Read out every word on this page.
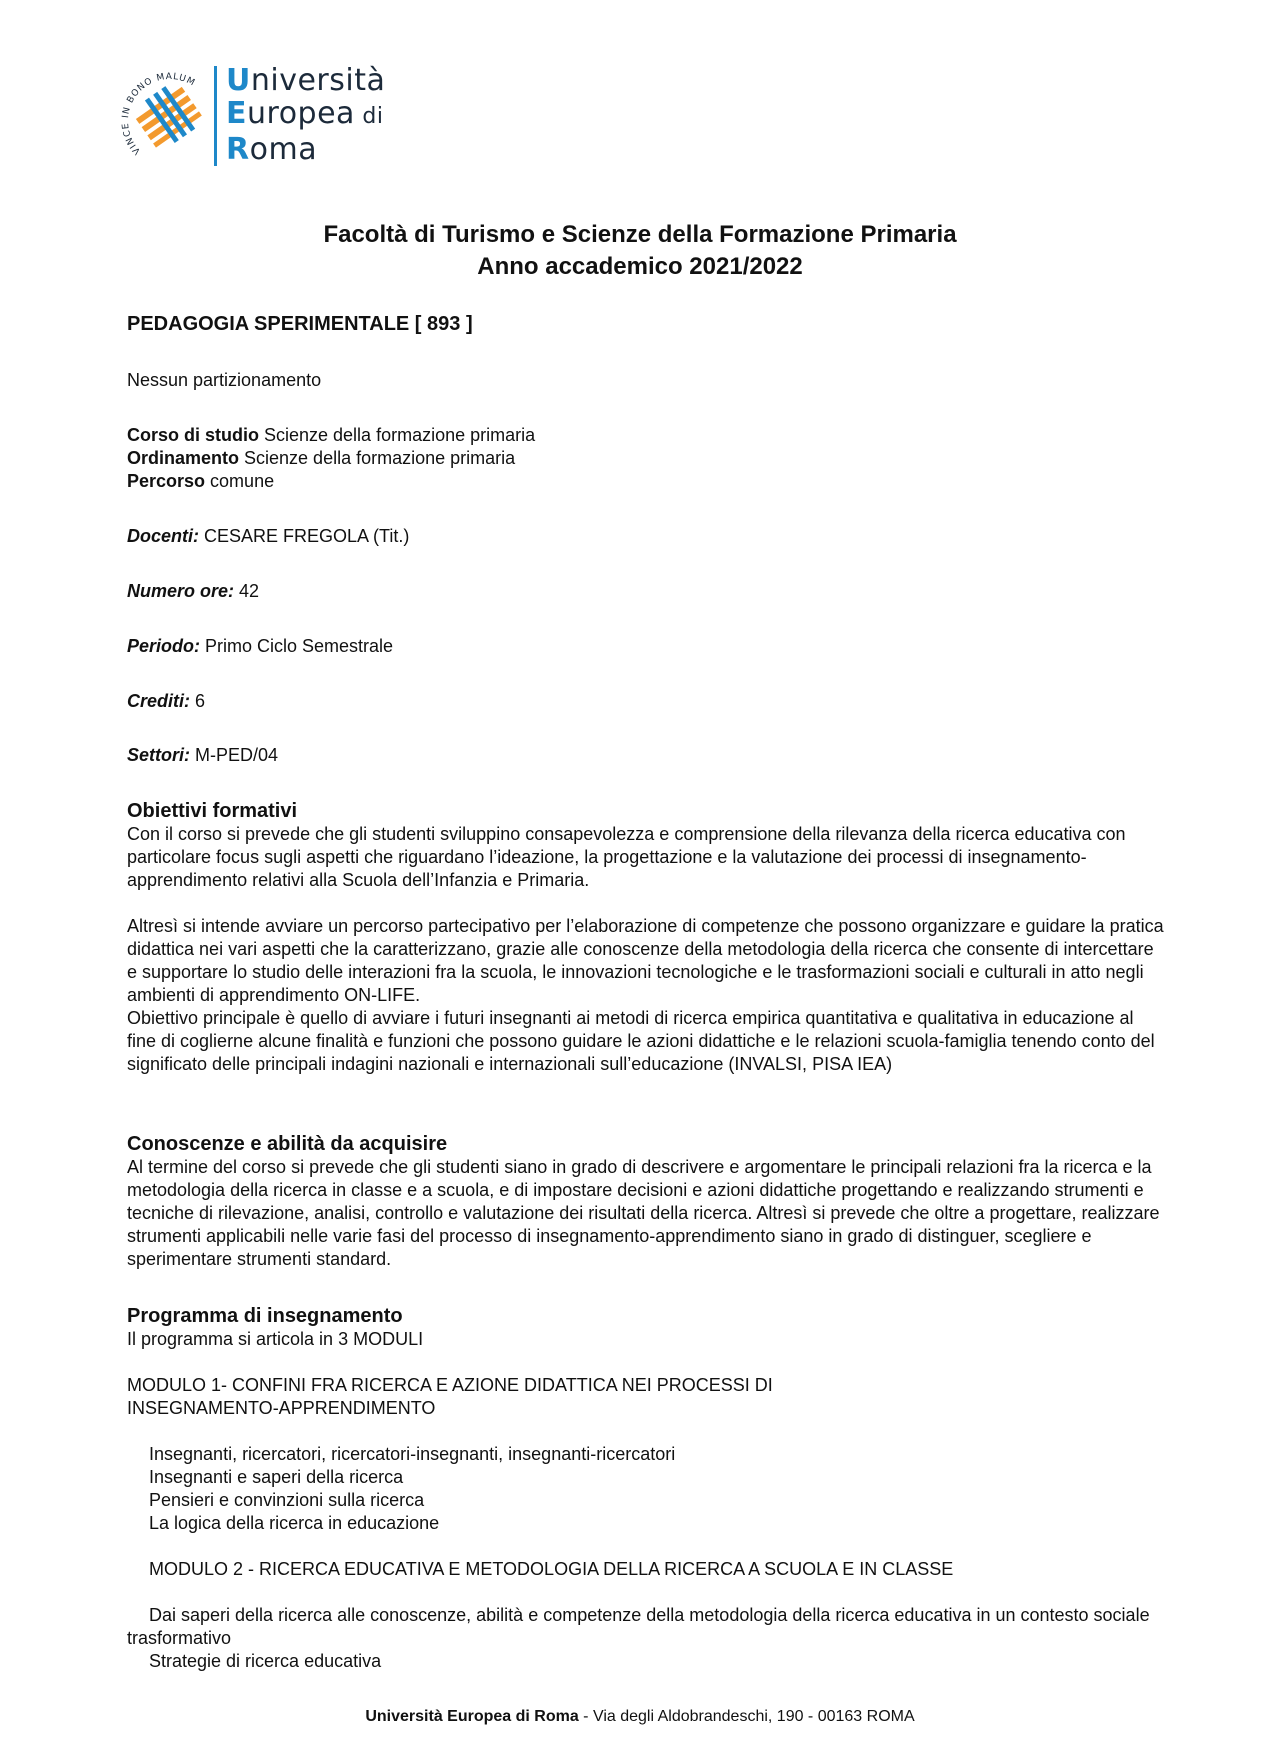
VINCE IN BONO MALUM Università
Europea di
Roma
Facoltà di Turismo e Scienze della Formazione Primaria
Anno accademico 2021/2022
PEDAGOGIA SPERIMENTALE [ 893 ]
Nessun partizionamento
Corso di studio Scienze della formazione primaria
Ordinamento Scienze della formazione primaria
Percorso comune
Docenti: CESARE FREGOLA (Tit.)
Numero ore: 42
Periodo: Primo Ciclo Semestrale
Crediti: 6
Settori: M-PED/04
Obiettivi formativi

Con il corso si prevede che gli studenti sviluppino consapevolezza e comprensione della rilevanza della ricerca educativa con particolare focus sugli aspetti che riguardano l’ideazione, la progettazione e la valutazione dei processi di insegnamento-apprendimento relativi alla Scuola dell’Infanzia e Primaria.

Altresì si intende avviare un percorso partecipativo per l’elaborazione di competenze che possono organizzare e guidare la pratica didattica nei vari aspetti che la caratterizzano, grazie alle conoscenze della metodologia della ricerca che consente di intercettare e supportare lo studio delle interazioni fra la scuola, le innovazioni tecnologiche e le trasformazioni sociali e culturali in atto negli ambienti di apprendimento ON-LIFE.

Obiettivo principale è quello di avviare i futuri insegnanti ai metodi di ricerca empirica quantitativa e qualitativa in educazione al fine di coglierne alcune finalità e funzioni che possono guidare le azioni didattiche e le relazioni scuola-famiglia tenendo conto del significato delle principali indagini nazionali e internazionali sull’educazione (INVALSI, PISA IEA)

Conoscenze e abilità da acquisire

Al termine del corso si prevede che gli studenti siano in grado di descrivere e argomentare le principali relazioni fra la ricerca e la metodologia della ricerca in classe e a scuola, e di impostare decisioni e azioni didattiche progettando e realizzando strumenti e tecniche di rilevazione, analisi, controllo e valutazione dei risultati della ricerca. Altresì si prevede che oltre a progettare, realizzare strumenti applicabili nelle varie fasi del processo di insegnamento-apprendimento siano in grado di distinguer, scegliere e sperimentare strumenti standard.

Programma di insegnamento

Il programma si articola in 3 MODULI

MODULO 1- CONFINI FRA RICERCA E AZIONE DIDATTICA NEI PROCESSI DI INSEGNAMENTO-APPRENDIMENTO

Insegnanti, ricercatori, ricercatori-insegnanti, insegnanti-ricercatori

Insegnanti e saperi della ricerca

Pensieri e convinzioni sulla ricerca

La logica della ricerca in educazione

MODULO 2 - RICERCA EDUCATIVA E METODOLOGIA DELLA RICERCA A SCUOLA E IN CLASSE

Dai saperi della ricerca alle conoscenze, abilità e competenze della metodologia della ricerca educativa in un contesto sociale trasformativo

Strategie di ricerca educativa

Università Europea di Roma - Via degli Aldobrandeschi, 190 - 00163 ROMA
